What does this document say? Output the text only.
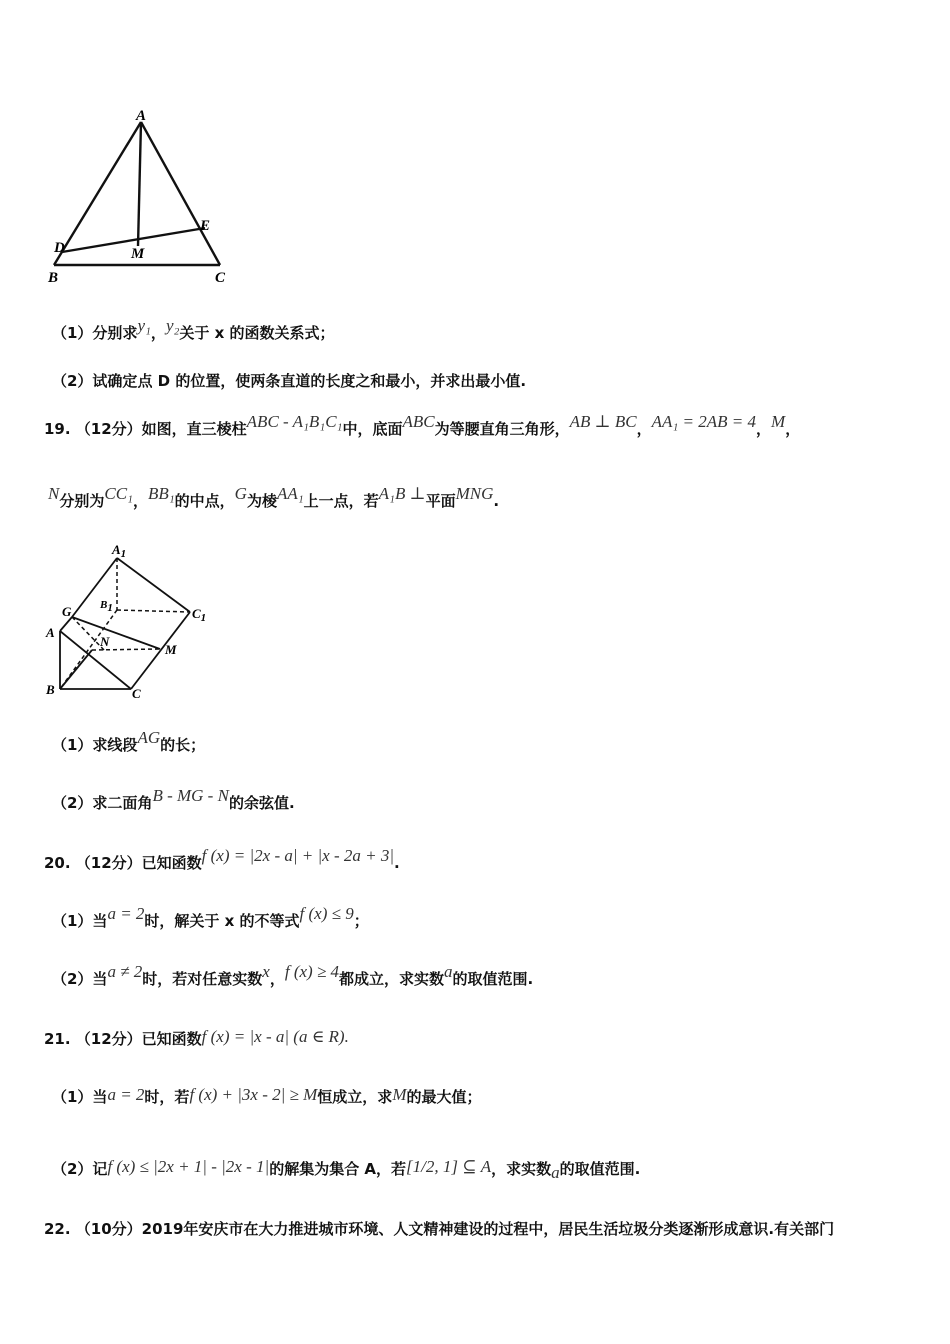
A
D
E
M
B	C
（1）分别求y₁，y₂关于 x 的函数关系式；
（2）试确定点 D 的位置，使两条直道的长度之和最小，并求出最小值.
19. （12分）如图，直三棱柱ABC - A₁B₁C₁中，底面ABC为等腰直角三角形，AB ⊥ BC，AA₁ = 2AB = 4，M，
N分别为CC₁，BB₁的中点，G为棱AA₁上一点，若A₁B ⊥平面MNG.
$A_1$
B1	$C_1$
G
A
N
M
B	C
（1）求线段AG的长；
（2）求二面角B - MG - N的余弦值.
20. （12分）已知函数f (x) = |2x - a| + |x - 2a + 3|.
（1）当a = 2时，解关于 x 的不等式f (x) ≤ 9；
（2）当a ≠ 2时，若对任意实数x，f (x) ≥ 4都成立，求实数a的取值范围.
21. （12分）已知函数f (x) = |x - a| (a ∈ R).
（1）当a = 2时，若f (x) + |3x - 2| ≥ M恒成立，求M的最大值；
（2）记f (x) ≤ |2x + 1| - |2x - 1|的解集为集合 A，若[1/2, 1] ⊆ A，求实数a的取值范围.
22. （10分）2019年安庆市在大力推进城市环境、人文精神建设的过程中，居民生活垃圾分类逐渐形成意识.有关部门
